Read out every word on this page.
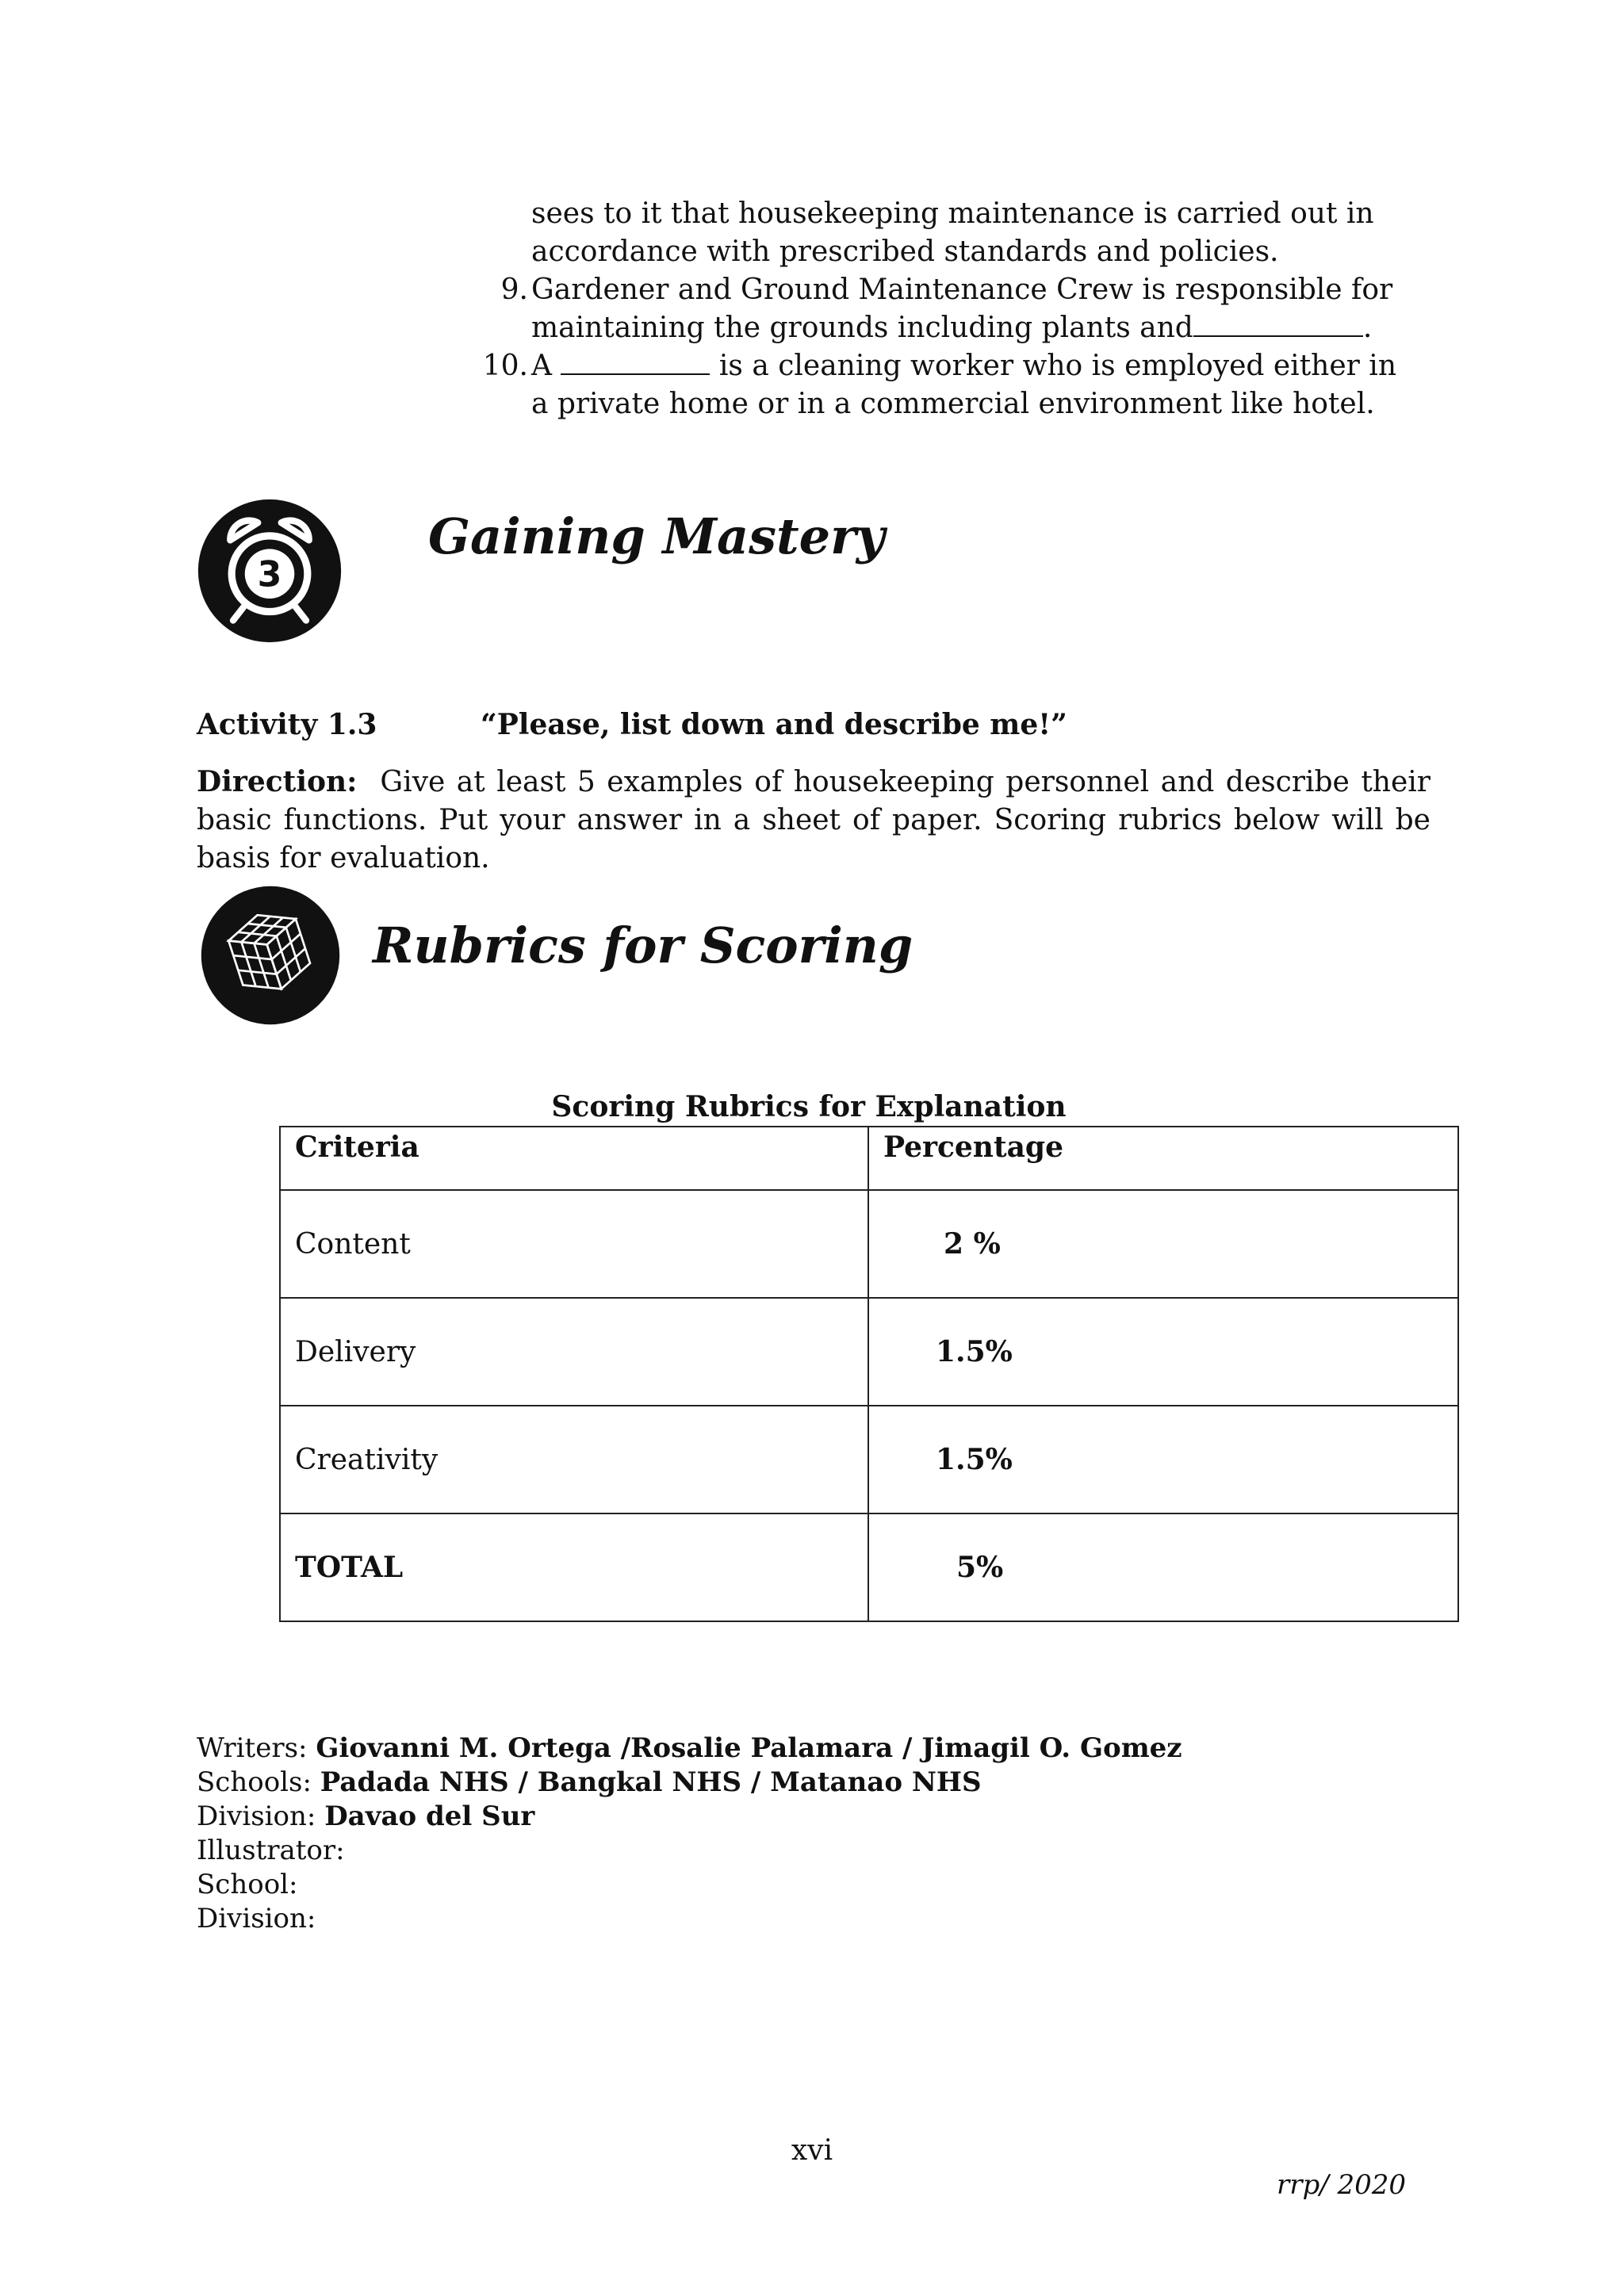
sees to it that housekeeping maintenance is carried out in
accordance with prescribed standards and policies.
9. Gardener and Ground Maintenance Crew is responsible for
maintaining the grounds including plants and	.
10. A	is a cleaning worker who is employed either in
a private home or in a commercial environment like hotel.
3
Gaining Mastery
Activity 1.3	“Please, list down and describe me!”
Direction: Give at least 5 examples of housekeeping personnel and describe their basic functions. Put your answer in a sheet of paper. Scoring rubrics below will be basis for evaluation.
Rubrics for Scoring
Scoring Rubrics for Explanation
Criteria	Percentage
Content	2 %
Delivery	1.5%
Creativity	1.5%
TOTAL	5%
Writers: Giovanni M. Ortega /Rosalie Palamara / Jimagil O. Gomez
Schools: Padada NHS / Bangkal NHS / Matanao NHS
Division: Davao del Sur
Illustrator:
School:
Division:
xvi
rrp/ 2020
